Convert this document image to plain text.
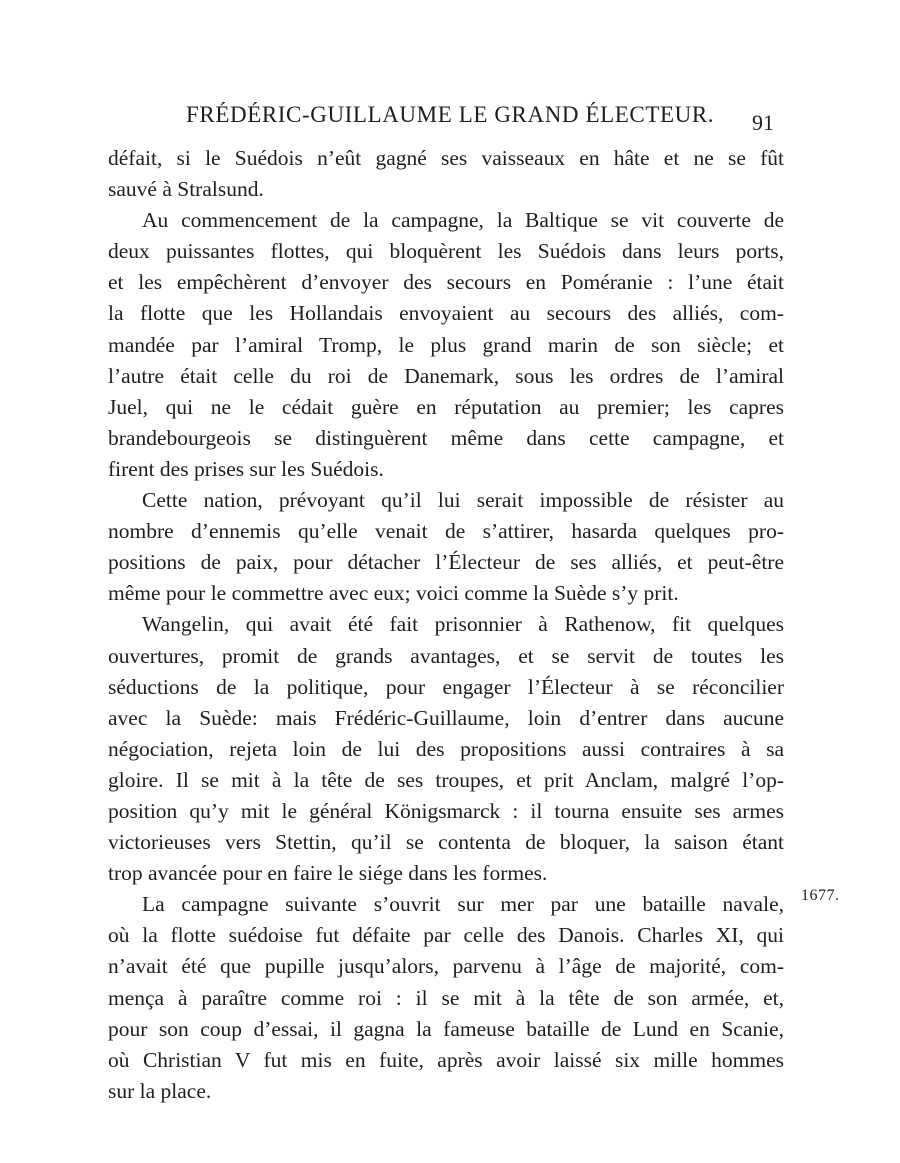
FRÉDÉRIC-GUILLAUME LE GRAND ÉLECTEUR. 91
défait, si le Suédois n’eût gagné ses vaisseaux en hâte et ne se fût
sauvé à Stralsund.
Au commencement de la campagne, la Baltique se vit couverte de
deux puissantes flottes, qui bloquèrent les Suédois dans leurs ports,
et les empêchèrent d’envoyer des secours en Poméranie : l’une était
la flotte que les Hollandais envoyaient au secours des alliés, com-
mandée par l’amiral Tromp, le plus grand marin de son siècle; et
l’autre était celle du roi de Danemark, sous les ordres de l’amiral
Juel, qui ne le cédait guère en réputation au premier; les capres
brandebourgeois se distinguèrent même dans cette campagne, et
firent des prises sur les Suédois.
Cette nation, prévoyant qu’il lui serait impossible de résister au
nombre d’ennemis qu’elle venait de s’attirer, hasarda quelques pro-
positions de paix, pour détacher l’Électeur de ses alliés, et peut-être
même pour le commettre avec eux; voici comme la Suède s’y prit.
Wangelin, qui avait été fait prisonnier à Rathenow, fit quelques
ouvertures, promit de grands avantages, et se servit de toutes les
séductions de la politique, pour engager l’Électeur à se réconcilier
avec la Suède: mais Frédéric-Guillaume, loin d’entrer dans aucune
négociation, rejeta loin de lui des propositions aussi contraires à sa
gloire. Il se mit à la tête de ses troupes, et prit Anclam, malgré l’op-
position qu’y mit le général Königsmarck : il tourna ensuite ses armes
victorieuses vers Stettin, qu’il se contenta de bloquer, la saison étant
trop avancée pour en faire le siége dans les formes.
La campagne suivante s’ouvrit sur mer par une bataille navale,
où la flotte suédoise fut défaite par celle des Danois. Charles XI, qui
n’avait été que pupille jusqu’alors, parvenu à l’âge de majorité, com-
mença à paraître comme roi : il se mit à la tête de son armée, et,
pour son coup d’essai, il gagna la fameuse bataille de Lund en Scanie,
où Christian V fut mis en fuite, après avoir laissé six mille hommes
sur la place.
1677.
